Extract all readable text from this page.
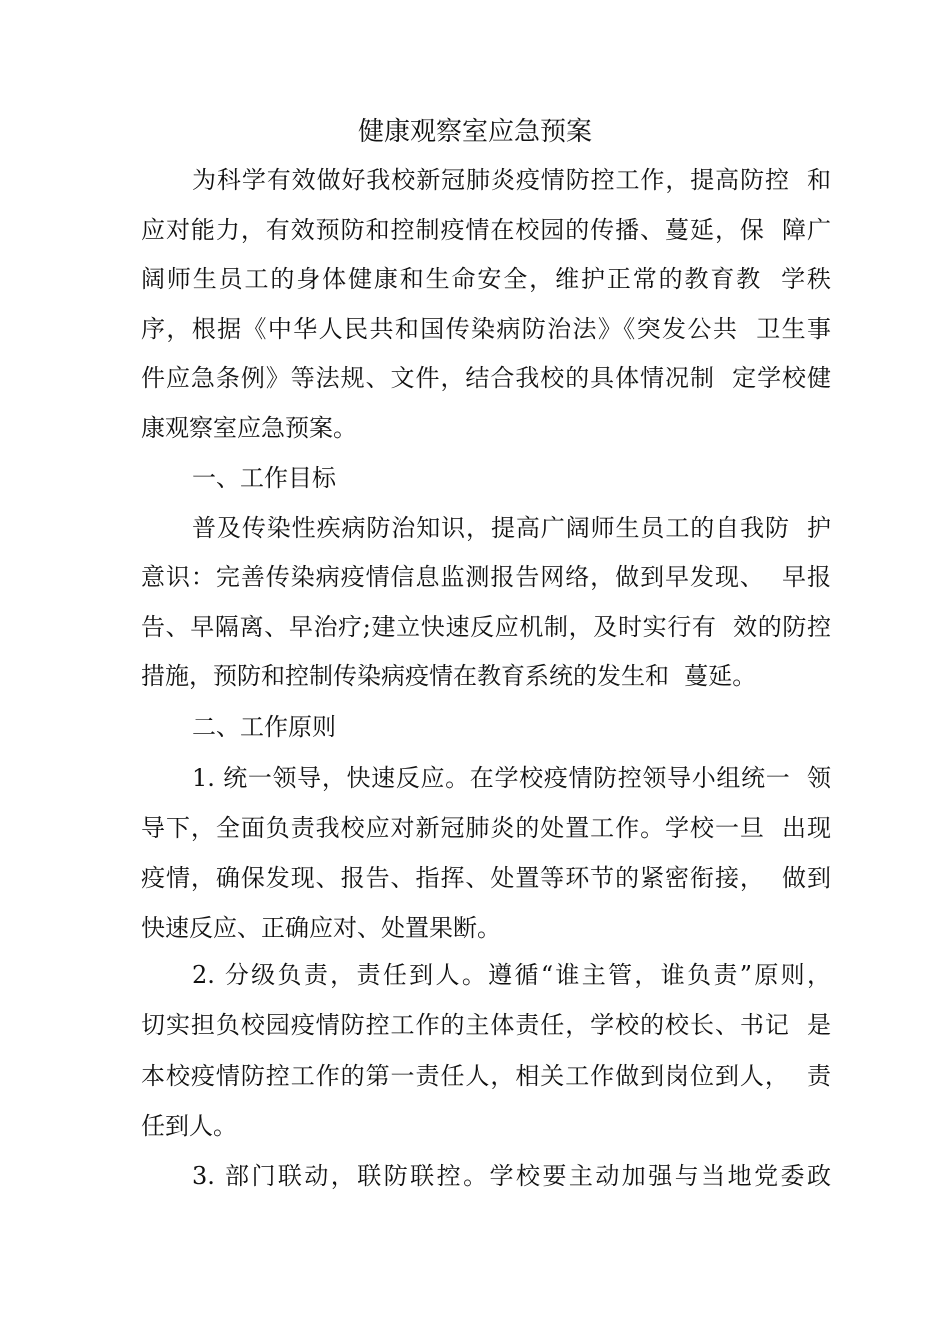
健康观察室应急预案
为科学有效做好我校新冠肺炎疫情防控工作，提高防控  和
应对能力，有效预防和控制疫情在校园的传播、蔓延，保  障广
阔师生员工的身体健康和生命安全，维护正常的教育教  学秩
序，根据《中华人民共和国传染病防治法》《突发公共  卫生事
件应急条例》等法规、文件，结合我校的具体情况制  定学校健
康观察室应急预案。
一、工作目标
普及传染性疾病防治知识，提高广阔师生员工的自我防  护
意识：完善传染病疫情信息监测报告网络，做到早发现、  早报
告、早隔离、早治疗;建立快速反应机制，及时实行有  效的防控
措施，预防和控制传染病疫情在教育系统的发生和  蔓延。
二、工作原则
1. 统一领导，快速反应。在学校疫情防控领导小组统一  领
导下，全面负责我校应对新冠肺炎的处置工作。学校一旦  出现
疫情，确保发现、报告、指挥、处置等环节的紧密衔接，  做到
快速反应、正确应对、处置果断。
2. 分级负责，责任到人。遵循“谁主管，谁负责”原则，
切实担负校园疫情防控工作的主体责任，学校的校长、书记  是
本校疫情防控工作的第一责任人，相关工作做到岗位到人，  责
任到人。
3. 部门联动，联防联控。学校要主动加强与当地党委政
